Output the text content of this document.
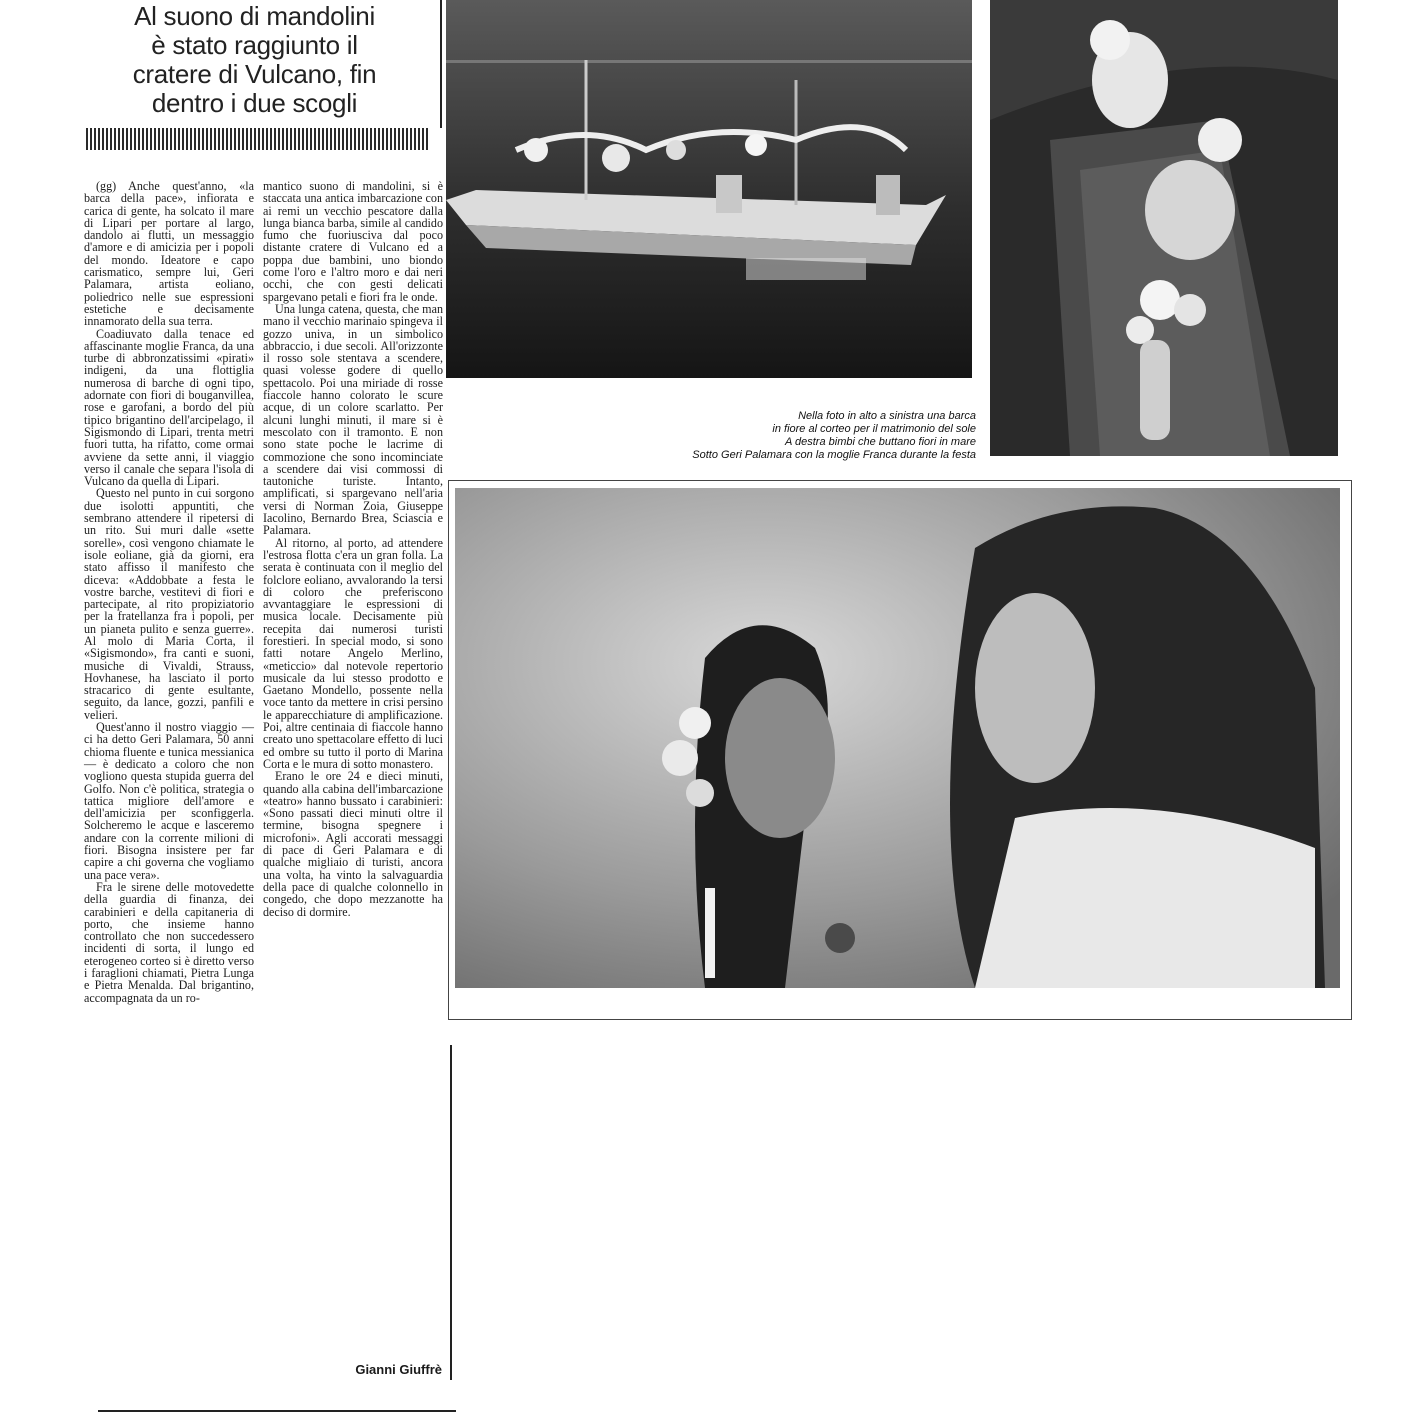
Al suono di mandolini
è stato raggiunto il
cratere di Vulcano, fin
dentro i due scogli

(gg) Anche quest'anno, «la barca della pace», infiorata e carica di gente, ha solcato il mare di Lipari per portare al largo, dandolo ai flutti, un messaggio d'amore e di amicizia per i popoli del mondo. Ideatore e capo carismatico, sempre lui, Geri Palamara, artista eoliano, poliedrico nelle sue espressioni estetiche e decisamente innamorato della sua terra.

Coadiuvato dalla tenace ed affascinante moglie Franca, da una turbe di abbronzatissimi «pirati» indigeni, da una flottiglia numerosa di barche di ogni tipo, adornate con fiori di bouganvillea, rose e garofani, a bordo del più tipico brigantino dell'arcipelago, il Sigismondo di Lipari, trenta metri fuori tutta, ha rifatto, come ormai avviene da sette anni, il viaggio verso il canale che separa l'isola di Vulcano da quella di Lipari.

Questo nel punto in cui sorgono due isolotti appuntiti, che sembrano attendere il ripetersi di un rito. Sui muri dalle «sette sorelle», così vengono chiamate le isole eoliane, già da giorni, era stato affisso il manifesto che diceva: «Addobbate a festa le vostre barche, vestitevi di fiori e partecipate, al rito propiziatorio per la fratellanza fra i popoli, per un pianeta pulito e senza guerre». Al molo di Maria Corta, il «Sigismondo», fra canti e suoni, musiche di Vivaldi, Strauss, Hovhanese, ha lasciato il porto stracarico di gente esultante, seguito, da lance, gozzi, panfili e velieri.

Quest'anno il nostro viaggio — ci ha detto Geri Palamara, 50 anni chioma fluente e tunica messianica — è dedicato a coloro che non vogliono questa stupida guerra del Golfo. Non c'è politica, strategia o tattica migliore dell'amore e dell'amicizia per sconfiggerla. Solcheremo le acque e lasceremo andare con la corrente milioni di fiori. Bisogna insistere per far capire a chi governa che vogliamo una pace vera».

Fra le sirene delle motovedette della guardia di finanza, dei carabinieri e della capitaneria di porto, che insieme hanno controllato che non succedessero incidenti di sorta, il lungo ed eterogeneo corteo si è diretto verso i faraglioni chiamati, Pietra Lunga e Pietra Menalda. Dal brigantino, accompagnata da un ro-

mantico suono di mandolini, si è staccata una antica imbarcazione con ai remi un vecchio pescatore dalla lunga bianca barba, simile al candido fumo che fuoriusciva dal poco distante cratere di Vulcano ed a poppa due bambini, uno biondo come l'oro e l'altro moro e dai neri occhi, che con gesti delicati spargevano petali e fiori fra le onde.

Una lunga catena, questa, che man mano il vecchio marinaio spingeva il gozzo univa, in un simbolico abbraccio, i due secoli. All'orizzonte il rosso sole stentava a scendere, quasi volesse godere di quello spettacolo. Poi una miriade di rosse fiaccole hanno colorato le scure acque, di un colore scarlatto. Per alcuni lunghi minuti, il mare si è mescolato con il tramonto. E non sono state poche le lacrime di commozione che sono incominciate a scendere dai visi commossi di tautoniche turiste. Intanto, amplificati, si spargevano nell'aria versi di Norman Zoia, Giuseppe Iacolino, Bernardo Brea, Sciascia e Palamara.

Al ritorno, al porto, ad attendere l'estrosa flotta c'era un gran folla. La serata è continuata con il meglio del folclore eoliano, avvalorando la tersi di coloro che preferiscono avvantaggiare le espressioni di musica locale. Decisamente più recepita dai numerosi turisti forestieri. In special modo, si sono fatti notare Angelo Merlino, «meticcio» dal notevole repertorio musicale da lui stesso prodotto e Gaetano Mondello, possente nella voce tanto da mettere in crisi persino le apparecchiature di amplificazione. Poi, altre centinaia di fiaccole hanno creato uno spettacolare effetto di luci ed ombre su tutto il porto di Marina Corta e le mura di sotto monastero.

Erano le ore 24 e dieci minuti, quando alla cabina dell'imbarcazione «teatro» hanno bussato i carabinieri: «Sono passati dieci minuti oltre il termine, bisogna spegnere i microfoni». Agli accorati messaggi di pace di Geri Palamara e di qualche migliaio di turisti, ancora una volta, ha vinto la salvaguardia della pace di qualche colonnello in congedo, che dopo mezzanotte ha deciso di dormire.

Gianni Giuffrè
Nella foto in alto a sinistra una barca
in fiore al corteo per il matrimonio del sole
A destra bimbi che buttano fiori in mare
Sotto Geri Palamara con la moglie Franca durante la festa
